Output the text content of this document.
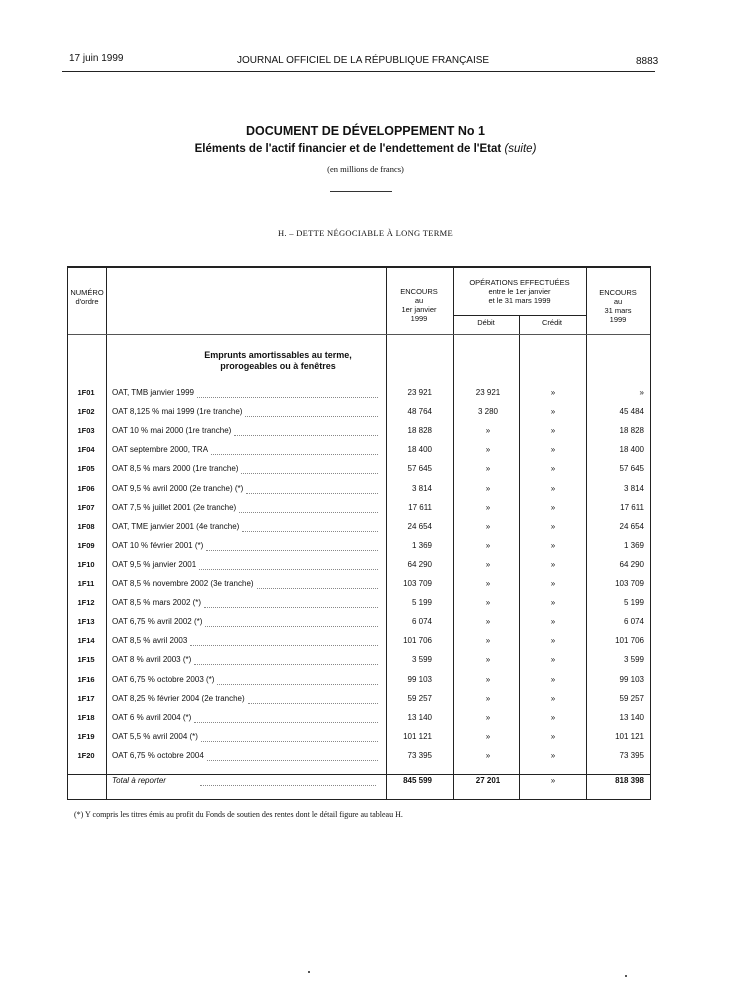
17 juin 1999	JOURNAL OFFICIEL DE LA RÉPUBLIQUE FRANÇAISE	8883
DOCUMENT DE DÉVELOPPEMENT No 1
Eléments de l'actif financier et de l'endettement de l'Etat (suite)
(en millions de francs)
H. – DETTE NÉGOCIABLE À LONG TERME
NUMÉRO d'ordre
ENCOURS
au
1er janvier
1999
OPÉRATIONS EFFECTUÉES
entre le 1er janvier
et le 31 mars 1999
Débit	Crédit
ENCOURS
au
31 mars
1999
Emprunts amortissables au terme,
prorogeables ou à fenêtres
1F01	OAT, TMB janvier 1999	23 921	23 921	»	»
1F02	OAT 8,125 % mai 1999 (1re tranche)	48 764	3 280	»	45 484
1F03	OAT 10 % mai 2000 (1re tranche)	18 828	»	»	18 828
1F04	OAT septembre 2000, TRA	18 400	»	»	18 400
1F05	OAT 8,5 % mars 2000 (1re tranche)	57 645	»	»	57 645
1F06	OAT 9,5 % avril 2000 (2e tranche) (*)	3 814	»	»	3 814
1F07	OAT 7,5 % juillet 2001 (2e tranche)	17 611	»	»	17 611
1F08	OAT, TME janvier 2001 (4e tranche)	24 654	»	»	24 654
1F09	OAT 10 % février 2001 (*)	1 369	»	»	1 369
1F10	OAT 9,5 % janvier 2001	64 290	»	»	64 290
1F11	OAT 8,5 % novembre 2002 (3e tranche)	103 709	»	»	103 709
1F12	OAT 8,5 % mars 2002 (*)	5 199	»	»	5 199
1F13	OAT 6,75 % avril 2002 (*)	6 074	»	»	6 074
1F14	OAT 8,5 % avril 2003	101 706	»	»	101 706
1F15	OAT 8 % avril 2003 (*)	3 599	»	»	3 599
1F16	OAT 6,75 % octobre 2003 (*)	99 103	»	»	99 103
1F17	OAT 8,25 % février 2004 (2e tranche)	59 257	»	»	59 257
1F18	OAT 6 % avril 2004 (*)	13 140	»	»	13 140
1F19	OAT 5,5 % avril 2004 (*)	101 121	»	»	101 121
1F20	OAT 6,75 % octobre 2004	73 395	»	»	73 395
Total à reporter	845 599	27 201	»	818 398
(*) Y compris les titres émis au profit du Fonds de soutien des rentes dont le détail figure au tableau H.
